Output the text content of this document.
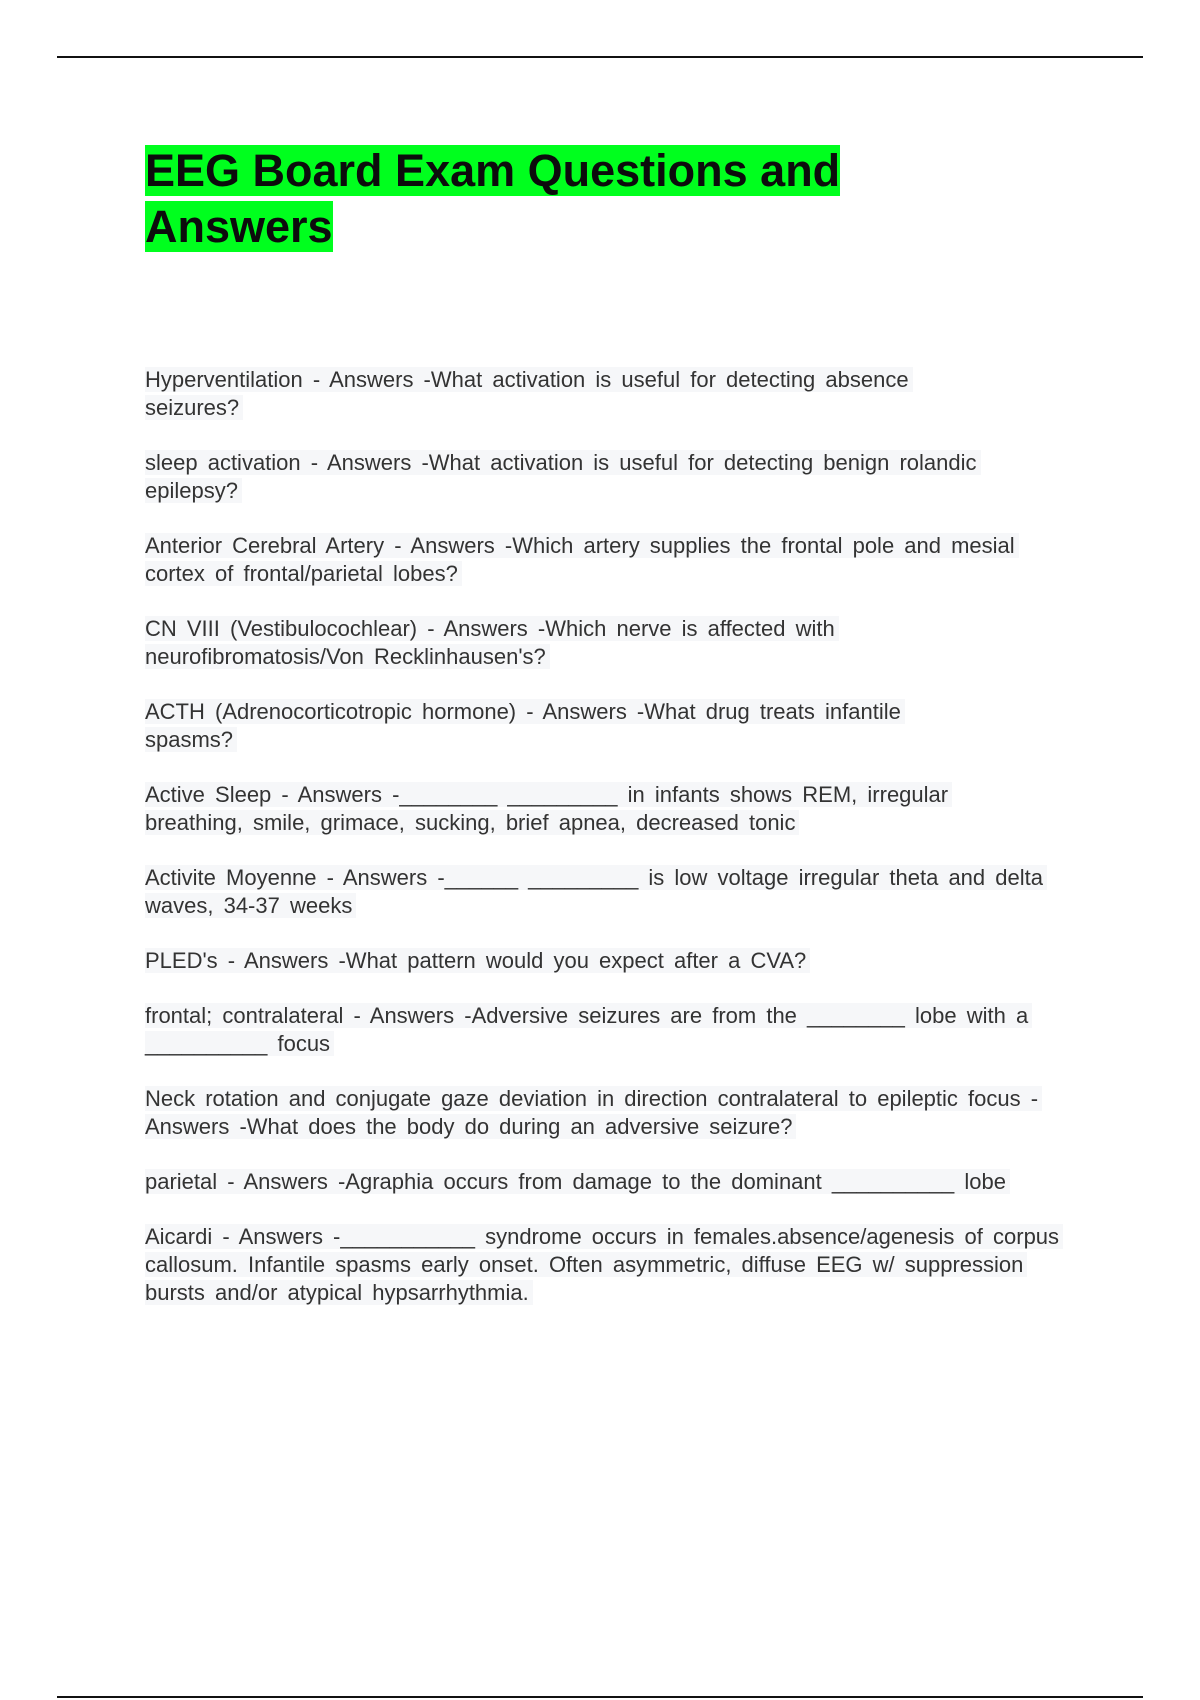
EEG Board Exam Questions and Answers
Hyperventilation - Answers -What activation is useful for detecting absence seizures?
sleep activation - Answers -What activation is useful for detecting benign rolandic epilepsy?
Anterior Cerebral Artery - Answers -Which artery supplies the frontal pole and mesial cortex of frontal/parietal lobes?
CN VIII (Vestibulocochlear) - Answers -Which nerve is affected with neurofibromatosis/Von Recklinhausen's?
ACTH (Adrenocorticotropic hormone) - Answers -What drug treats infantile spasms?
Active Sleep - Answers -________ _________ in infants shows REM, irregular breathing, smile, grimace, sucking, brief apnea, decreased tonic
Activite Moyenne - Answers -______ _________ is low voltage irregular theta and delta waves, 34-37 weeks
PLED's - Answers -What pattern would you expect after a CVA?
frontal; contralateral - Answers -Adversive seizures are from the ________ lobe with a __________ focus
Neck rotation and conjugate gaze deviation in direction contralateral to epileptic focus - Answers -What does the body do during an adversive seizure?
parietal - Answers -Agraphia occurs from damage to the dominant __________ lobe
Aicardi - Answers -___________ syndrome occurs in females.absence/agenesis of corpus callosum. Infantile spasms early onset. Often asymmetric, diffuse EEG w/ suppression bursts and/or atypical hypsarrhythmia.
